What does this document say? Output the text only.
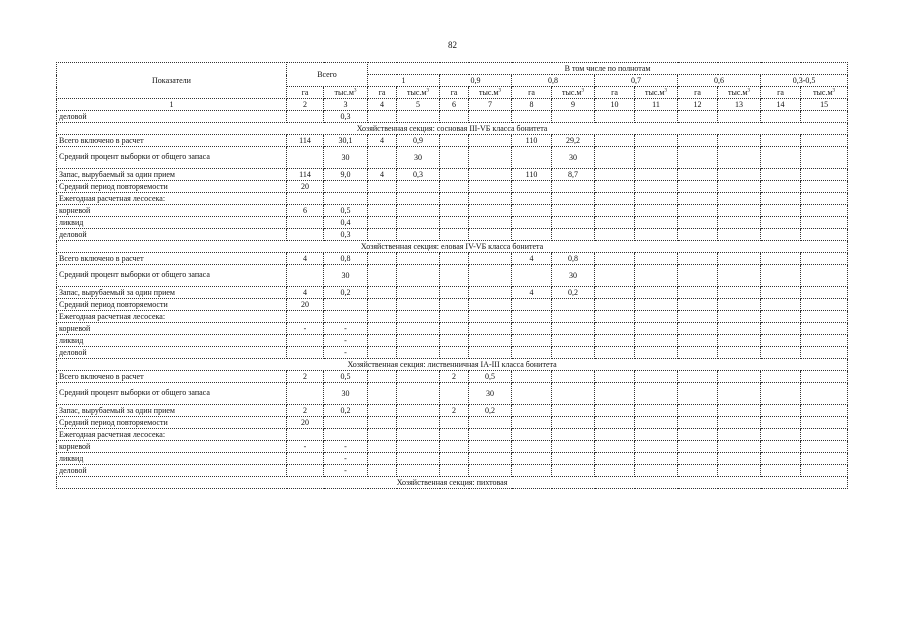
82
Показатели	Всего		В том числе по полнотам											
			1		0,9		0,8		0,7		0,6		0,3-0,5	
	га	$тыс.м^3$	га	$тыс.м^3$	га	$тыс.м^3$	га	$тыс.м^3$	га	$тыс.м^3$	га	$тыс.м^3$	га	$тыс.м^3$
1	2	3	4	5	6	7	8	9	10	11	12	13	14	15
деловой		0,3												
Хозяйственная секция: сосновая III-VБ класса бонитета														
Всего включено в расчет	114	30,1	4	0,9			110	29,2						
Средний процент выборки от общего запаса		30		30				30						
Запас, вырубаемый за один прием	114	9,0	4	0,3			110	8,7						
Средний период повторяемости	20													
Ежегодная расчетная лесосека:														
корневой	6	0,5												
ликвид		0,4												
деловой		0,3												
Хозяйственная секция: еловая IV-VБ класса бонитета														
Всего включено в расчет	4	0,8					4	0,8						
Средний процент выборки от общего запаса		30						30						
Запас, вырубаемый за один прием	4	0,2					4	0,2						
Средний период повторяемости	20													
Ежегодная расчетная лесосека:														
корневой	-	-												
ликвид		-												
деловой		-												
Хозяйственная секция: лиственничная IA-III класса бонитета														
Всего включено в расчет	2	0,5			2	0,5								
Средний процент выборки от общего запаса		30				30								
Запас, вырубаемый за один прием	2	0,2			2	0,2								
Средний период повторяемости	20													
Ежегодная расчетная лесосека:														
корневой	-	-												
ликвид		-												
деловой		-												
Хозяйственная секция: пихтовая														
